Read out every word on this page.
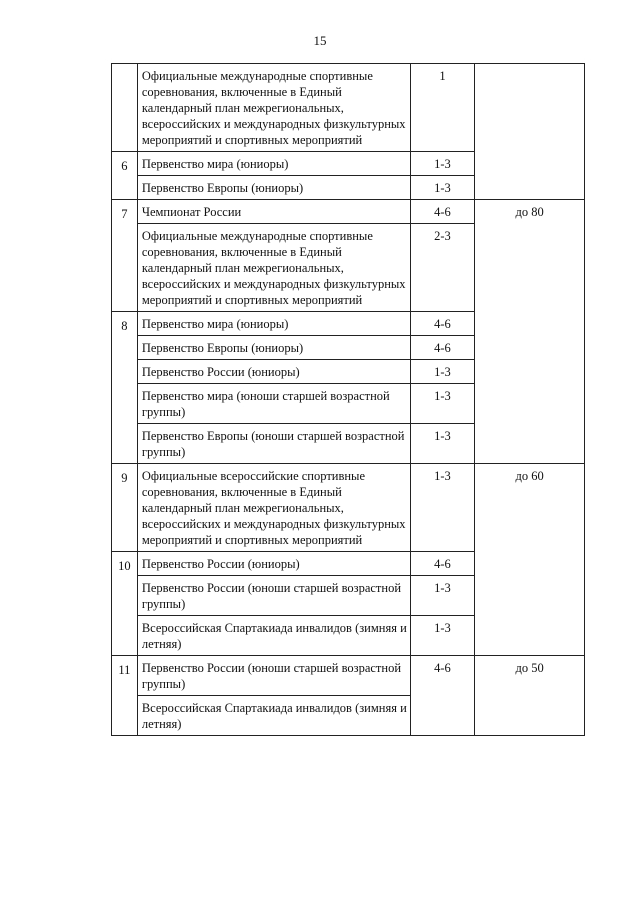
15
	Официальные международные спортивные соревнования, включенные в Единый календарный план межрегиональных, всероссийских и международных физкультурных мероприятий и спортивных мероприятий	1	
6	Первенство мира (юниоры)	1-3	
	Первенство Европы (юниоры)	1-3	
7	Чемпионат России	4-6	до 80
	Официальные международные спортивные соревнования, включенные в Единый календарный план межрегиональных, всероссийских и международных физкультурных мероприятий и спортивных мероприятий	2-3	
8	Первенство мира (юниоры)	4-6	
	Первенство Европы (юниоры)	4-6	
	Первенство России (юниоры)	1-3	
	Первенство мира (юноши старшей возрастной группы)	1-3	
	Первенство Европы (юноши старшей возрастной группы)	1-3	
9	Официальные всероссийские спортивные соревнования, включенные в Единый календарный план межрегиональных, всероссийских и международных физкультурных мероприятий и спортивных мероприятий	1-3	до 60
10	Первенство России (юниоры)	4-6	
	Первенство России (юноши старшей возрастной группы)	1-3	
	Всероссийская Спартакиада инвалидов (зимняя и летняя)	1-3	
11	Первенство России (юноши старшей возрастной группы)	4-6	до 50
	Всероссийская Спартакиада инвалидов (зимняя и летняя)		
